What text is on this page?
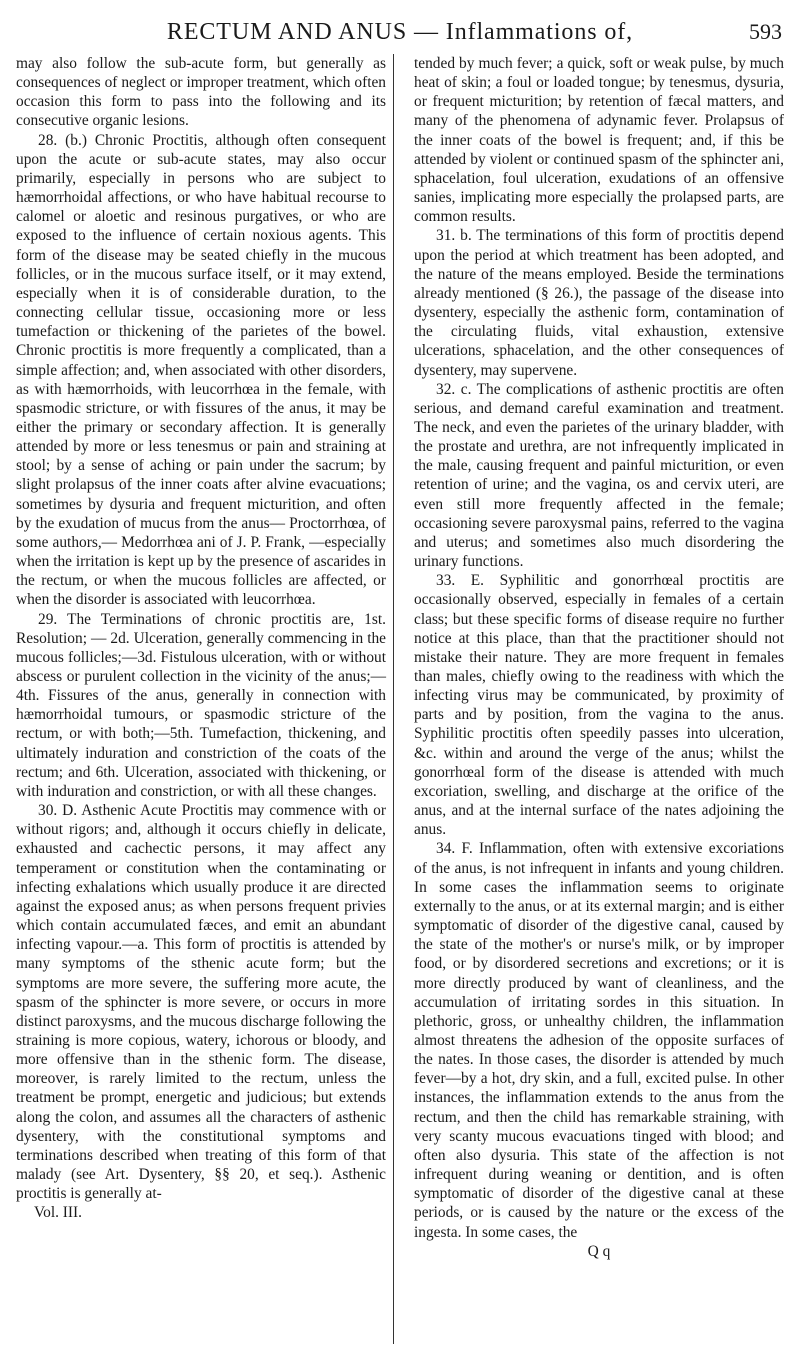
RECTUM AND ANUS — Inflammations of,	593

may also follow the sub-acute form, but generally as consequences of neglect or improper treatment, which often occasion this form to pass into the following and its consecutive organic lesions.

28. (b.) Chronic Proctitis, although often consequent upon the acute or sub-acute states, may also occur primarily, especially in persons who are subject to hæmorrhoidal affections, or who have habitual recourse to calomel or aloetic and resinous purgatives, or who are exposed to the influence of certain noxious agents. This form of the disease may be seated chiefly in the mucous follicles, or in the mucous surface itself, or it may extend, especially when it is of considerable duration, to the connecting cellular tissue, occasioning more or less tumefaction or thickening of the parietes of the bowel. Chronic proctitis is more frequently a complicated, than a simple affection; and, when associated with other disorders, as with hæmorrhoids, with leucorrhœa in the female, with spasmodic stricture, or with fissures of the anus, it may be either the primary or secondary affection. It is generally attended by more or less tenesmus or pain and straining at stool; by a sense of aching or pain under the sacrum; by slight prolapsus of the inner coats after alvine evacuations; sometimes by dysuria and frequent micturition, and often by the exudation of mucus from the anus— Proctorrhœa, of some authors,— Medorrhœa ani of J. P. Frank, —especially when the irritation is kept up by the presence of ascarides in the rectum, or when the mucous follicles are affected, or when the disorder is associated with leucorrhœa.

29. The Terminations of chronic proctitis are, 1st. Resolution; — 2d. Ulceration, generally commencing in the mucous follicles;—3d. Fistulous ulceration, with or without abscess or purulent collection in the vicinity of the anus;—4th. Fissures of the anus, generally in connection with hæmorrhoidal tumours, or spasmodic stricture of the rectum, or with both;—5th. Tumefaction, thickening, and ultimately induration and constriction of the coats of the rectum; and 6th. Ulceration, associated with thickening, or with induration and constriction, or with all these changes.

30. D. Asthenic Acute Proctitis may commence with or without rigors; and, although it occurs chiefly in delicate, exhausted and cachectic persons, it may affect any temperament or constitution when the contaminating or infecting exhalations which usually produce it are directed against the exposed anus; as when persons frequent privies which contain accumulated fæces, and emit an abundant infecting vapour.—a. This form of proctitis is attended by many symptoms of the sthenic acute form; but the symptoms are more severe, the suffering more acute, the spasm of the sphincter is more severe, or occurs in more distinct paroxysms, and the mucous discharge following the straining is more copious, watery, ichorous or bloody, and more offensive than in the sthenic form. The disease, moreover, is rarely limited to the rectum, unless the treatment be prompt, energetic and judicious; but extends along the colon, and assumes all the characters of asthenic dysentery, with the constitutional symptoms and terminations described when treating of this form of that malady (see Art. Dysentery, §§ 20, et seq.). Asthenic proctitis is generally at-

Vol. III.

tended by much fever; a quick, soft or weak pulse, by much heat of skin; a foul or loaded tongue; by tenesmus, dysuria, or frequent micturition; by retention of fæcal matters, and many of the phenomena of adynamic fever. Prolapsus of the inner coats of the bowel is frequent; and, if this be attended by violent or continued spasm of the sphincter ani, sphacelation, foul ulceration, exudations of an offensive sanies, implicating more especially the prolapsed parts, are common results.

31. b. The terminations of this form of proctitis depend upon the period at which treatment has been adopted, and the nature of the means employed. Beside the terminations already mentioned (§ 26.), the passage of the disease into dysentery, especially the asthenic form, contamination of the circulating fluids, vital exhaustion, extensive ulcerations, sphacelation, and the other consequences of dysentery, may supervene.

32. c. The complications of asthenic proctitis are often serious, and demand careful examination and treatment. The neck, and even the parietes of the urinary bladder, with the prostate and urethra, are not infrequently implicated in the male, causing frequent and painful micturition, or even retention of urine; and the vagina, os and cervix uteri, are even still more frequently affected in the female; occasioning severe paroxysmal pains, referred to the vagina and uterus; and sometimes also much disordering the urinary functions.

33. E. Syphilitic and gonorrhœal proctitis are occasionally observed, especially in females of a certain class; but these specific forms of disease require no further notice at this place, than that the practitioner should not mistake their nature. They are more frequent in females than males, chiefly owing to the readiness with which the infecting virus may be communicated, by proximity of parts and by position, from the vagina to the anus. Syphilitic proctitis often speedily passes into ulceration, &c. within and around the verge of the anus; whilst the gonorrhœal form of the disease is attended with much excoriation, swelling, and discharge at the orifice of the anus, and at the internal surface of the nates adjoining the anus.

34. F. Inflammation, often with extensive excoriations of the anus, is not infrequent in infants and young children. In some cases the inflammation seems to originate externally to the anus, or at its external margin; and is either symptomatic of disorder of the digestive canal, caused by the state of the mother's or nurse's milk, or by improper food, or by disordered secretions and excretions; or it is more directly produced by want of cleanliness, and the accumulation of irritating sordes in this situation. In plethoric, gross, or unhealthy children, the inflammation almost threatens the adhesion of the opposite surfaces of the nates. In those cases, the disorder is attended by much fever—by a hot, dry skin, and a full, excited pulse. In other instances, the inflammation extends to the anus from the rectum, and then the child has remarkable straining, with very scanty mucous evacuations tinged with blood; and often also dysuria. This state of the affection is not infrequent during weaning or dentition, and is often symptomatic of disorder of the digestive canal at these periods, or is caused by the nature or the excess of the ingesta. In some cases, the

Q q
